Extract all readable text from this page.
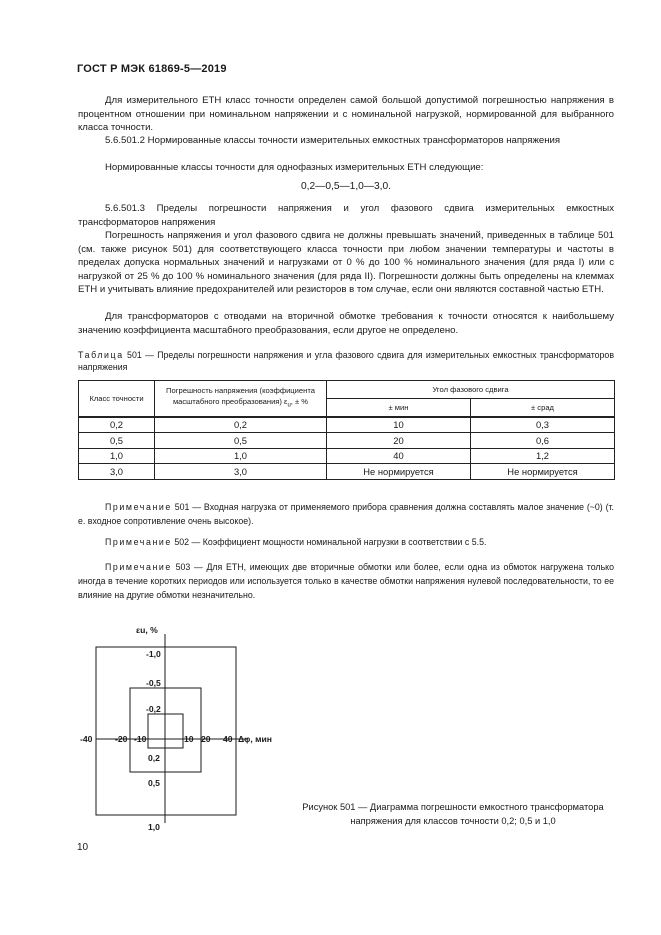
ГОСТ Р МЭК 61869-5—2019
Для измерительного ЕТН класс точности определен самой большой допустимой погрешностью напряжения в процентном отношении при номинальном напряжении и с номинальной нагрузкой, нормированной для выбранного класса точности.
5.6.501.2 Нормированные классы точности измерительных емкостных трансформаторов напряжения
Нормированные классы точности для однофазных измерительных ЕТН следующие:
0,2—0,5—1,0—3,0.
5.6.501.3 Пределы погрешности напряжения и угол фазового сдвига измерительных емкостных трансформаторов напряжения
Погрешность напряжения и угол фазового сдвига не должны превышать значений, приведенных в таблице 501 (см. также рисунок 501) для соответствующего класса точности при любом значении температуры и частоты в пределах допуска нормальных значений и нагрузками от 0 % до 100 % номинального значения (для ряда I) или с нагрузкой от 25 % до 100 % номинального значения (для ряда II). Погрешности должны быть определены на клеммах ЕТН и учитывать влияние предохранителей или резисторов в том случае, если они являются составной частью ЕТН.
Для трансформаторов с отводами на вторичной обмотке требования к точности относятся к наибольшему значению коэффициента масштабного преобразования, если другое не определено.
Таблица 501 — Пределы погрешности напряжения и угла фазового сдвига для измерительных емкостных трансформаторов напряжения
Класс точности	Погрешность напряжения (коэффициента масштабного преобразования) $\varepsilon_u$, ± %	Угол фазового сдвига	
		± мин	± срад
0,2	0,2	10	0,3
0,5	0,5	20	0,6
1,0	1,0	40	1,2
3,0	3,0	Не нормируется	Не нормируется
Примечание 501 — Входная нагрузка от применяемого прибора сравнения должна составлять малое значение (~0) (т. е. входное сопротивление очень высокое).
Примечание 502 — Коэффициент мощности номинальной нагрузки в соответствии с 5.5.
Примечание 503 — Для ЕТН, имеющих две вторичные обмотки или более, если одна из обмоток нагружена только иногда в течение коротких периодов или используется только в качестве обмотки напряжения нулевой последовательности, то ее влияние на другие обмотки незначительно.
εu, %
Δφ, мин
-40	-20 -10	10 20 40
-1,0
-0,5
-0,2
0,2
0,5
1,0
Рисунок 501 — Диаграмма погрешности емкостного трансформатора напряжения для классов точности 0,2; 0,5 и 1,0
10
